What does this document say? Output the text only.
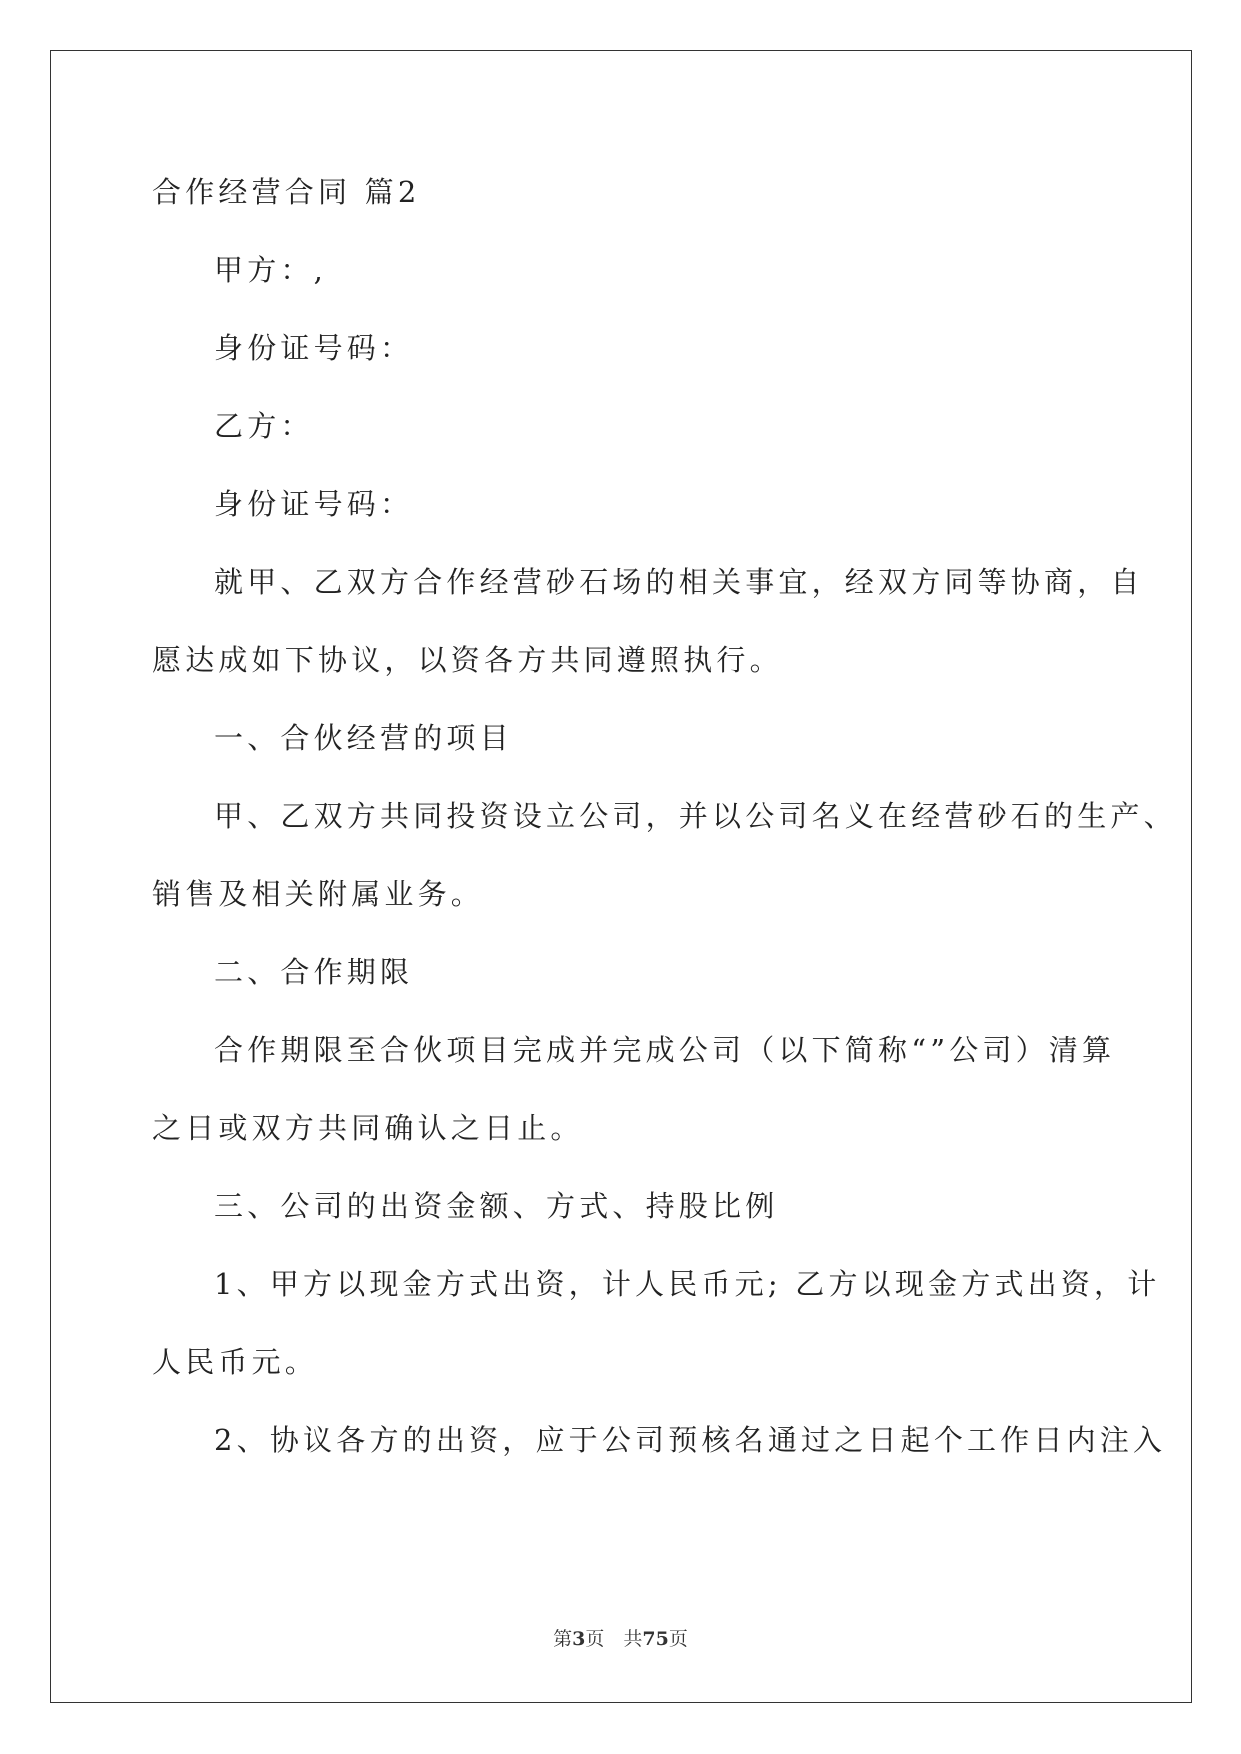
合作经营合同 篇2
甲方：,
身份证号码：
乙方：
身份证号码：
就甲、乙双方合作经营砂石场的相关事宜，经双方同等协商，自
愿达成如下协议，以资各方共同遵照执行。
一、合伙经营的项目
甲、乙双方共同投资设立公司，并以公司名义在经营砂石的生产、
销售及相关附属业务。
二、合作期限
合作期限至合伙项目完成并完成公司（以下简称“”公司）清算
之日或双方共同确认之日止。
三、公司的出资金额、方式、持股比例
1、甲方以现金方式出资，计人民币元; 乙方以现金方式出资，计
人民币元。
2、协议各方的出资，应于公司预核名通过之日起个工作日内注入
第3页　共75页
